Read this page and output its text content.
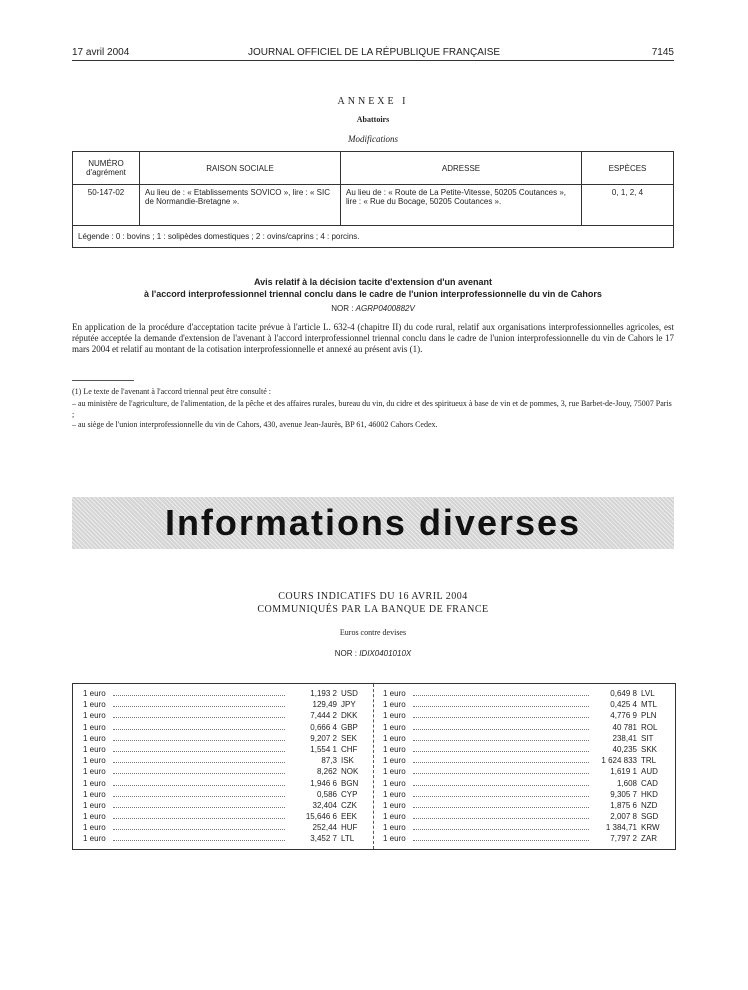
17 avril 2004	JOURNAL OFFICIEL DE LA RÉPUBLIQUE FRANÇAISE	7145
ANNEXE I
Abattoirs
Modifications
NUMÉRO d'agrément	RAISON SOCIALE	ADRESSE	ESPÈCES
50-147-02	Au lieu de : « Etablissements SOVICO », lire : « SIC de Normandie-Bretagne ».	Au lieu de : « Route de La Petite-Vitesse, 50205 Coutances », lire : « Rue du Bocage, 50205 Coutances ».	0, 1, 2, 4
Légende : 0 : bovins ; 1 : solipèdes domestiques ; 2 : ovins/caprins ; 4 : porcins.			
Avis relatif à la décision tacite d'extension d'un avenant
à l'accord interprofessionnel triennal conclu dans le cadre de l'union interprofessionnelle du vin de Cahors
NOR : AGRP0400882V
En application de la procédure d'acceptation tacite prévue à l'article L. 632-4 (chapitre II) du code rural, relatif aux organisations interprofessionnelles agricoles, est réputée acceptée la demande d'extension de l'avenant à l'accord interprofessionnel triennal conclu dans le cadre de l'union interprofessionnelle du vin de Cahors le 17 mars 2004 et relatif au montant de la cotisation interprofessionnelle et annexé au présent avis (1).
(1) Le texte de l'avenant à l'accord triennal peut être consulté :
– au ministère de l'agriculture, de l'alimentation, de la pêche et des affaires rurales, bureau du vin, du cidre et des spiritueux à base de vin et de pommes, 3, rue Barbet-de-Jouy, 75007 Paris ;
– au siège de l'union interprofessionnelle du vin de Cahors, 430, avenue Jean-Jaurès, BP 61, 46002 Cahors Cedex.
Informations diverses
COURS INDICATIFS DU 16 AVRIL 2004
COMMUNIQUÉS PAR LA BANQUE DE FRANCE
Euros contre devises
NOR : IDIX0401010X
1 euro	1,193 2 USD
1 euro	129,49 JPY
1 euro	7,444 2 DKK
1 euro	0,666 4 GBP
1 euro	9,207 2 SEK
1 euro	1,554 1 CHF
1 euro	87,3 ISK
1 euro	8,262 NOK
1 euro	1,946 6 BGN
1 euro	0,586 CYP
1 euro	32,404 CZK
1 euro	15,646 6 EEK
1 euro	252,44 HUF
1 euro	3,452 7 LTL
1 euro	0,649 8 LVL
1 euro	0,425 4 MTL
1 euro	4,776 9 PLN
1 euro	40 781 ROL
1 euro	238,41 SIT
1 euro	40,235 SKK
1 euro	1 624 833 TRL
1 euro	1,619 1 AUD
1 euro	1,608 CAD
1 euro	9,305 7 HKD
1 euro	1,875 6 NZD
1 euro	2,007 8 SGD
1 euro	1 384,71 KRW
1 euro	7,797 2 ZAR
